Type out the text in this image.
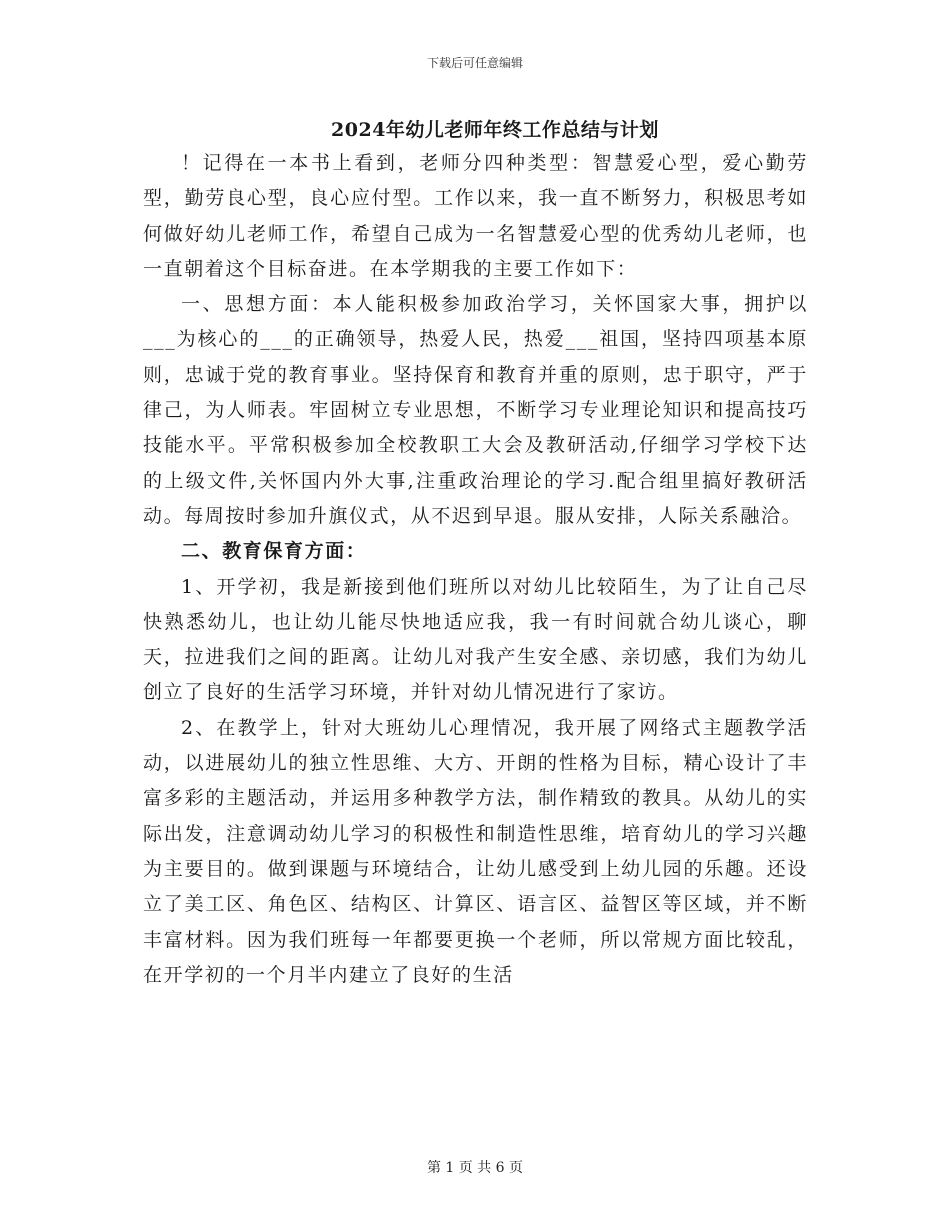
下载后可任意编辑
2024年幼儿老师年终工作总结与计划

！记得在一本书上看到，老师分四种类型：智慧爱心型，爱心勤劳型，勤劳良心型，良心应付型。工作以来，我一直不断努力，积极思考如何做好幼儿老师工作，希望自己成为一名智慧爱心型的优秀幼儿老师，也一直朝着这个目标奋进。在本学期我的主要工作如下：

一、思想方面：本人能积极参加政治学习，关怀国家大事，拥护以___为核心的___的正确领导，热爱人民，热爱___祖国，坚持四项基本原则，忠诚于党的教育事业。坚持保育和教育并重的原则，忠于职守，严于律己，为人师表。牢固树立专业思想，不断学习专业理论知识和提高技巧技能水平。平常积极参加全校教职工大会及教研活动,仔细学习学校下达的上级文件,关怀国内外大事,注重政治理论的学习.配合组里搞好教研活动。每周按时参加升旗仪式，从不迟到早退。服从安排，人际关系融洽。

二、教育保育方面：

1、开学初，我是新接到他们班所以对幼儿比较陌生，为了让自己尽快熟悉幼儿，也让幼儿能尽快地适应我，我一有时间就合幼儿谈心，聊天，拉进我们之间的距离。让幼儿对我产生安全感、亲切感，我们为幼儿创立了良好的生活学习环境，并针对幼儿情况进行了家访。

2、在教学上，针对大班幼儿心理情况，我开展了网络式主题教学活动，以进展幼儿的独立性思维、大方、开朗的性格为目标，精心设计了丰富多彩的主题活动，并运用多种教学方法，制作精致的教具。从幼儿的实际出发，注意调动幼儿学习的积极性和制造性思维，培育幼儿的学习兴趣为主要目的。做到课题与环境结合，让幼儿感受到上幼儿园的乐趣。还设立了美工区、角色区、结构区、计算区、语言区、益智区等区域，并不断丰富材料。因为我们班每一年都要更换一个老师，所以常规方面比较乱，在开学初的一个月半内建立了良好的生活

第 1 页 共 6 页
